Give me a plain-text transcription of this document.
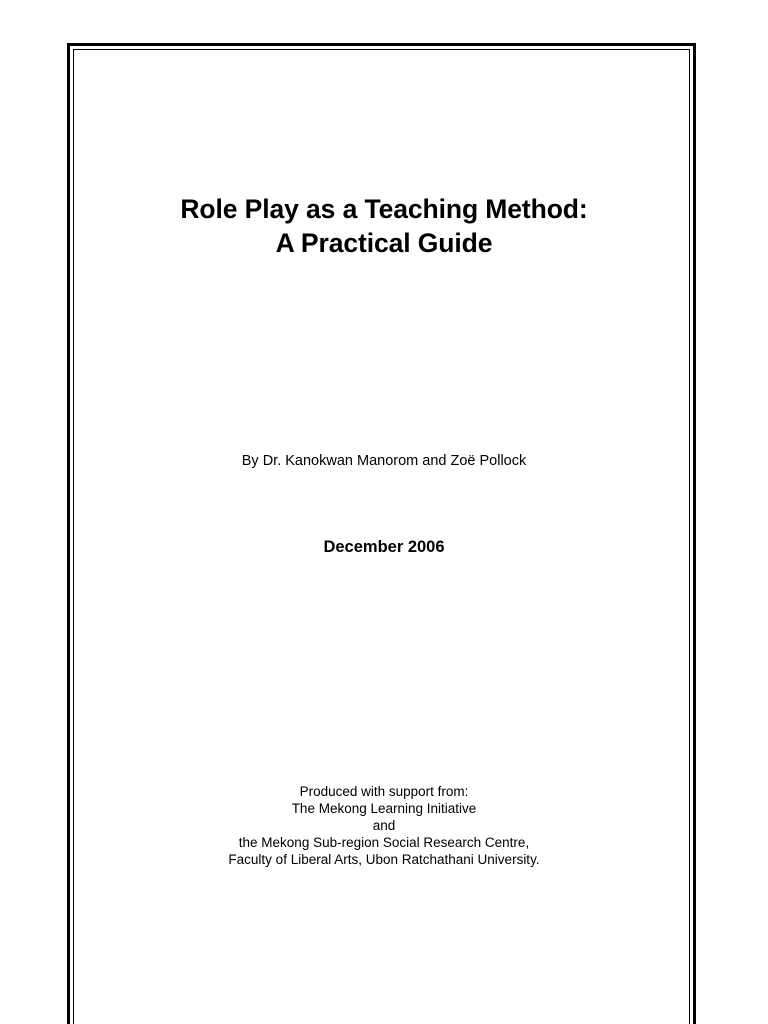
Role Play as a Teaching Method:
A Practical Guide
By Dr. Kanokwan Manorom and Zoë Pollock
December 2006
Produced with support from:
The Mekong Learning Initiative
and
the Mekong Sub-region Social Research Centre,
Faculty of Liberal Arts, Ubon Ratchathani University.
